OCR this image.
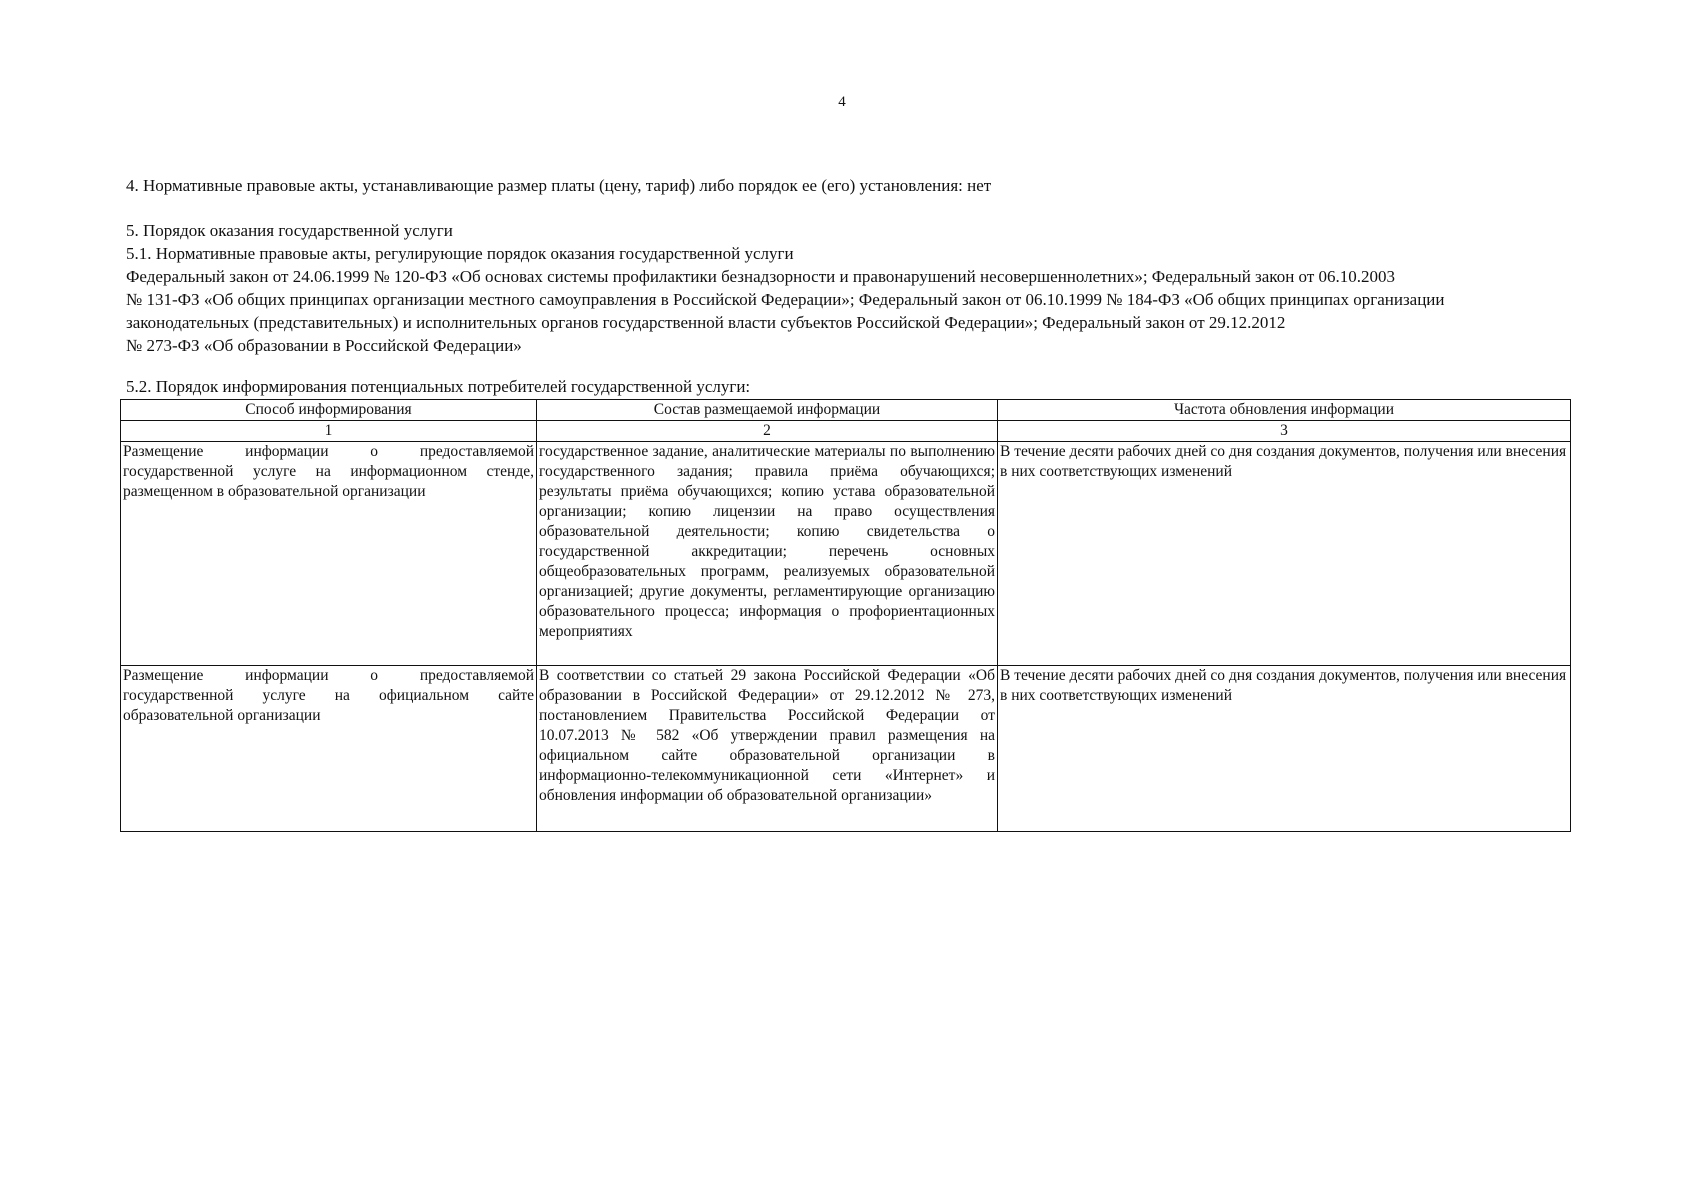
4
4. Нормативные правовые акты, устанавливающие размер платы (цену, тариф) либо порядок ее (его) установления: нет
5. Порядок оказания государственной услуги
5.1. Нормативные правовые акты, регулирующие порядок оказания государственной услуги
Федеральный закон от 24.06.1999 № 120-ФЗ «Об основах системы профилактики безнадзорности и правонарушений несовершеннолетних»; Федеральный закон от 06.10.2003
№ 131-ФЗ «Об общих принципах организации местного самоуправления в Российской Федерации»; Федеральный закон от 06.10.1999 № 184-ФЗ «Об общих принципах организации
законодательных (представительных) и исполнительных органов государственной власти субъектов Российской Федерации»; Федеральный закон от 29.12.2012
№ 273-ФЗ «Об образовании в Российской Федерации»
5.2. Порядок информирования потенциальных потребителей государственной услуги:
Способ информирования	Состав размещаемой информации	Частота обновления информации
1	2	3
Размещение информации о предоставляемой государственной услуге на информационном стенде, размещенном в образовательной организации	государственное задание, аналитические материалы по выполнению государственного задания; правила приёма обучающихся; результаты приёма обучающихся; копию устава образовательной организации; копию лицензии на право осуществления образовательной деятельности; копию свидетельства о государственной аккредитации; перечень основных общеобразовательных программ, реализуемых образовательной организацией; другие документы, регламентирующие организацию образовательного процесса; информация о профориентационных мероприятиях	В течение десяти рабочих дней со дня создания документов, получения или внесения в них соответствующих изменений
Размещение информации о предоставляемой государственной услуге на официальном сайте образовательной организации	В соответствии со статьей 29 закона Российской Федерации «Об образовании в Российской Федерации» от 29.12.2012 № 273, постановлением Правительства Российской Федерации от 10.07.2013 № 582 «Об утверждении правил размещения на официальном сайте образовательной организации в информационно-телекоммуникационной сети «Интернет» и обновления информации об образовательной организации»	В течение десяти рабочих дней со дня создания документов, получения или внесения в них соответствующих изменений
